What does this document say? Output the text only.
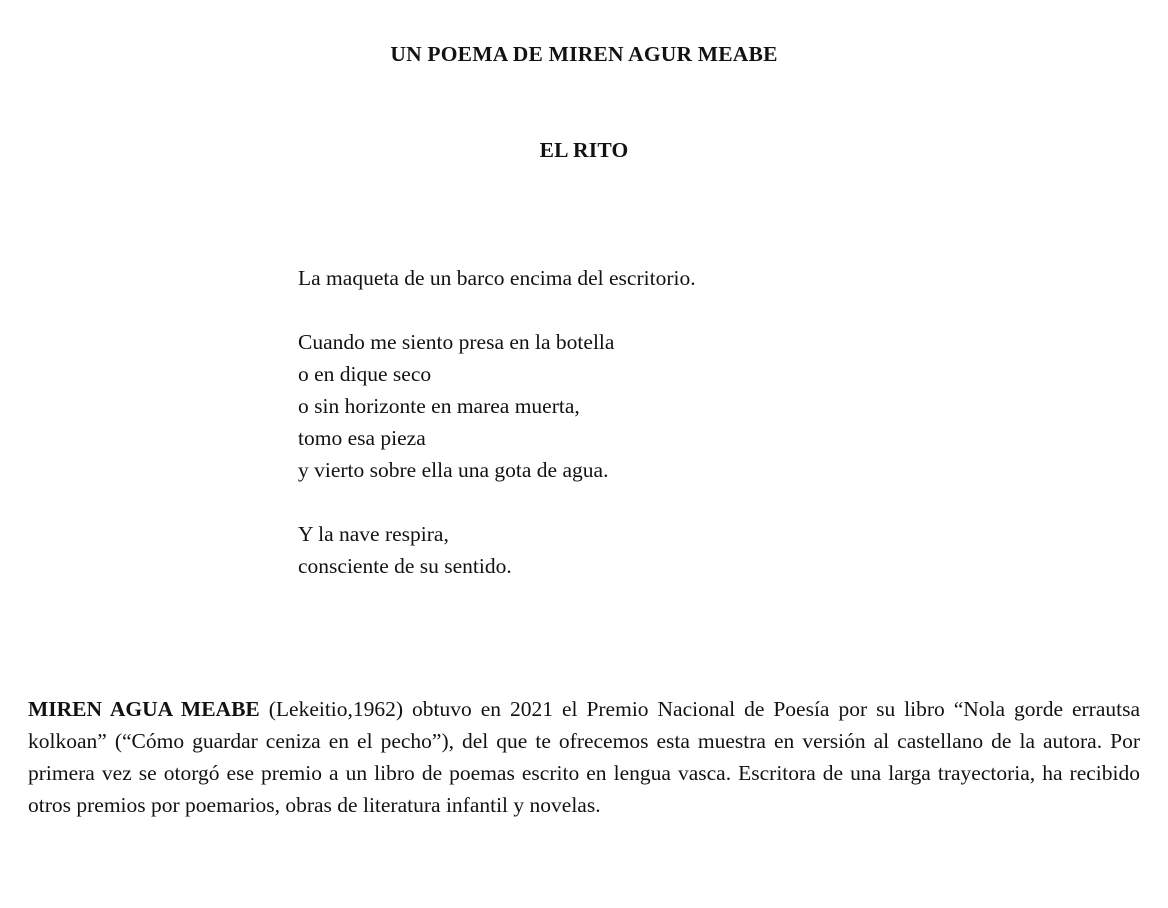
UN POEMA DE MIREN AGUR MEABE
EL RITO
La maqueta de un barco encima del escritorio.
Cuando me siento presa en la botella
o en dique seco
o sin horizonte en marea muerta,
tomo esa pieza
y vierto sobre ella una gota de agua.
Y la nave respira,
consciente de su sentido.

MIREN AGUA MEABE (Lekeitio,1962) obtuvo en 2021 el Premio Nacional de Poesía por su libro “Nola gorde errautsa kolkoan” (“Cómo guardar ceniza en el pecho”), del que te ofrecemos esta muestra en versión al castellano de la autora. Por primera vez se otorgó ese premio a un libro de poemas escrito en lengua vasca. Escritora de una larga trayectoria, ha recibido otros premios por poemarios, obras de literatura infantil y novelas.
